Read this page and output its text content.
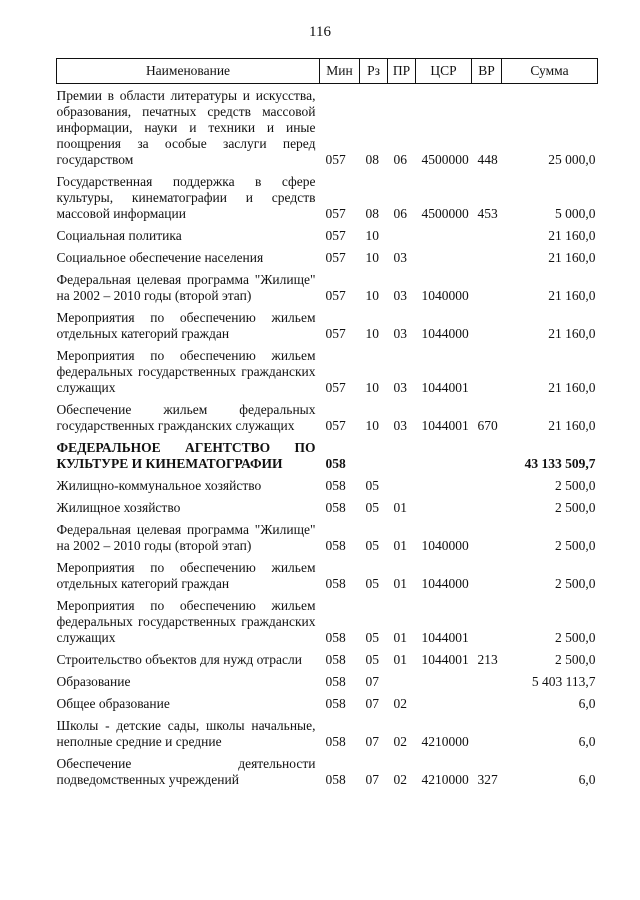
116
Наименование	Мин	Рз	ПР	ЦСР	ВР	Сумма
Премии в области литературы и искусства, образования, печатных средств массовой информации, науки и техники и иные поощрения за особые заслуги перед государством	057	08	06	4500000	448	25 000,0
Государственная поддержка в сфере культуры, кинематографии и средств массовой информации	057	08	06	4500000	453	5 000,0
Социальная политика	057	10				21 160,0
Социальное обеспечение населения	057	10	03			21 160,0
Федеральная целевая программа "Жилище" на 2002 – 2010 годы (второй этап)	057	10	03	1040000		21 160,0
Мероприятия по обеспечению жильем отдельных категорий граждан	057	10	03	1044000		21 160,0
Мероприятия по обеспечению жильем федеральных государственных гражданских служащих	057	10	03	1044001		21 160,0
Обеспечение жильем федеральных государственных гражданских служащих	057	10	03	1044001	670	21 160,0
ФЕДЕРАЛЬНОЕ АГЕНТСТВО ПО КУЛЬТУРЕ И КИНЕМАТОГРАФИИ	058					43 133 509,7
Жилищно-коммунальное хозяйство	058	05				2 500,0
Жилищное хозяйство	058	05	01			2 500,0
Федеральная целевая программа "Жилище" на 2002 – 2010 годы (второй этап)	058	05	01	1040000		2 500,0
Мероприятия по обеспечению жильем отдельных категорий граждан	058	05	01	1044000		2 500,0
Мероприятия по обеспечению жильем федеральных государственных гражданских служащих	058	05	01	1044001		2 500,0
Строительство объектов для нужд отрасли	058	05	01	1044001	213	2 500,0
Образование	058	07				5 403 113,7
Общее образование	058	07	02			6,0
Школы - детские сады, школы начальные, неполные средние и средние	058	07	02	4210000		6,0
Обеспечение деятельности подведомственных учреждений	058	07	02	4210000	327	6,0
